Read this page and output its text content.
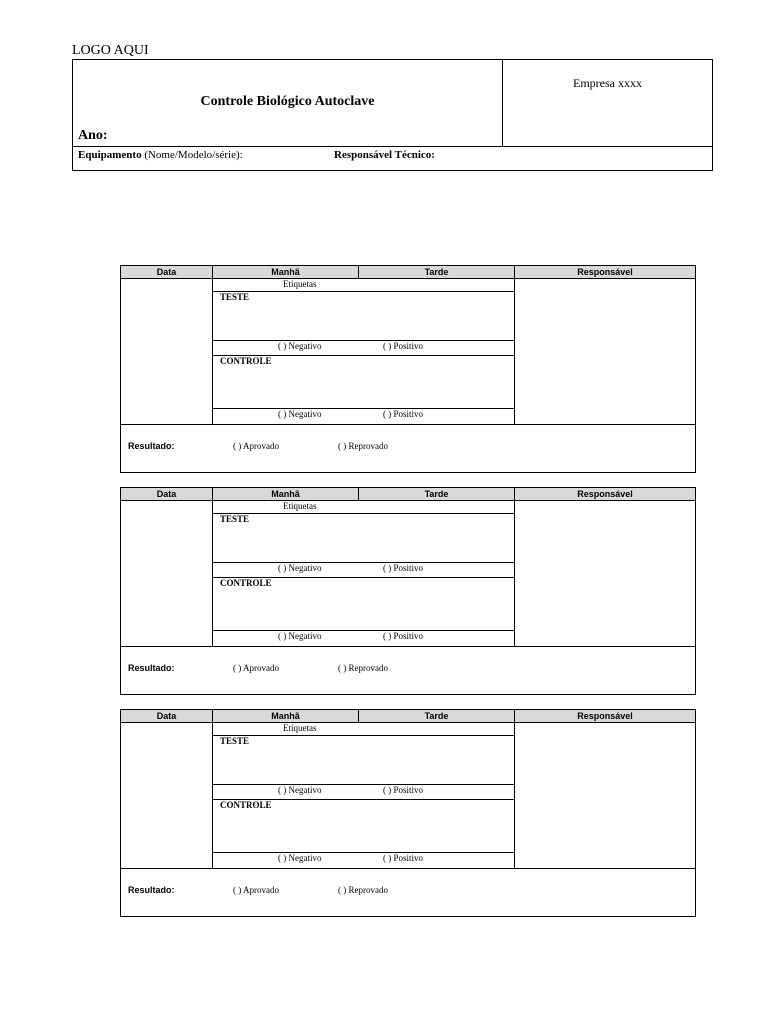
LOGO AQUI
Controle Biológico Autoclave
Empresa xxxx
Ano:
Equipamento (Nome/Modelo/série):	Responsável Técnico:
Data	Manhã	Tarde	Responsável
Etiquetas
TESTE
( ) Negativo	( ) Positivo
CONTROLE
( ) Negativo	( ) Positivo
Resultado:	( ) Aprovado	( ) Reprovado
Data	Manhã	Tarde	Responsável
Etiquetas
TESTE
( ) Negativo	( ) Positivo
CONTROLE
( ) Negativo	( ) Positivo
Resultado:	( ) Aprovado	( ) Reprovado
Data	Manhã	Tarde	Responsável
Etiquetas
TESTE
( ) Negativo	( ) Positivo
CONTROLE
( ) Negativo	( ) Positivo
Resultado:	( ) Aprovado	( ) Reprovado
